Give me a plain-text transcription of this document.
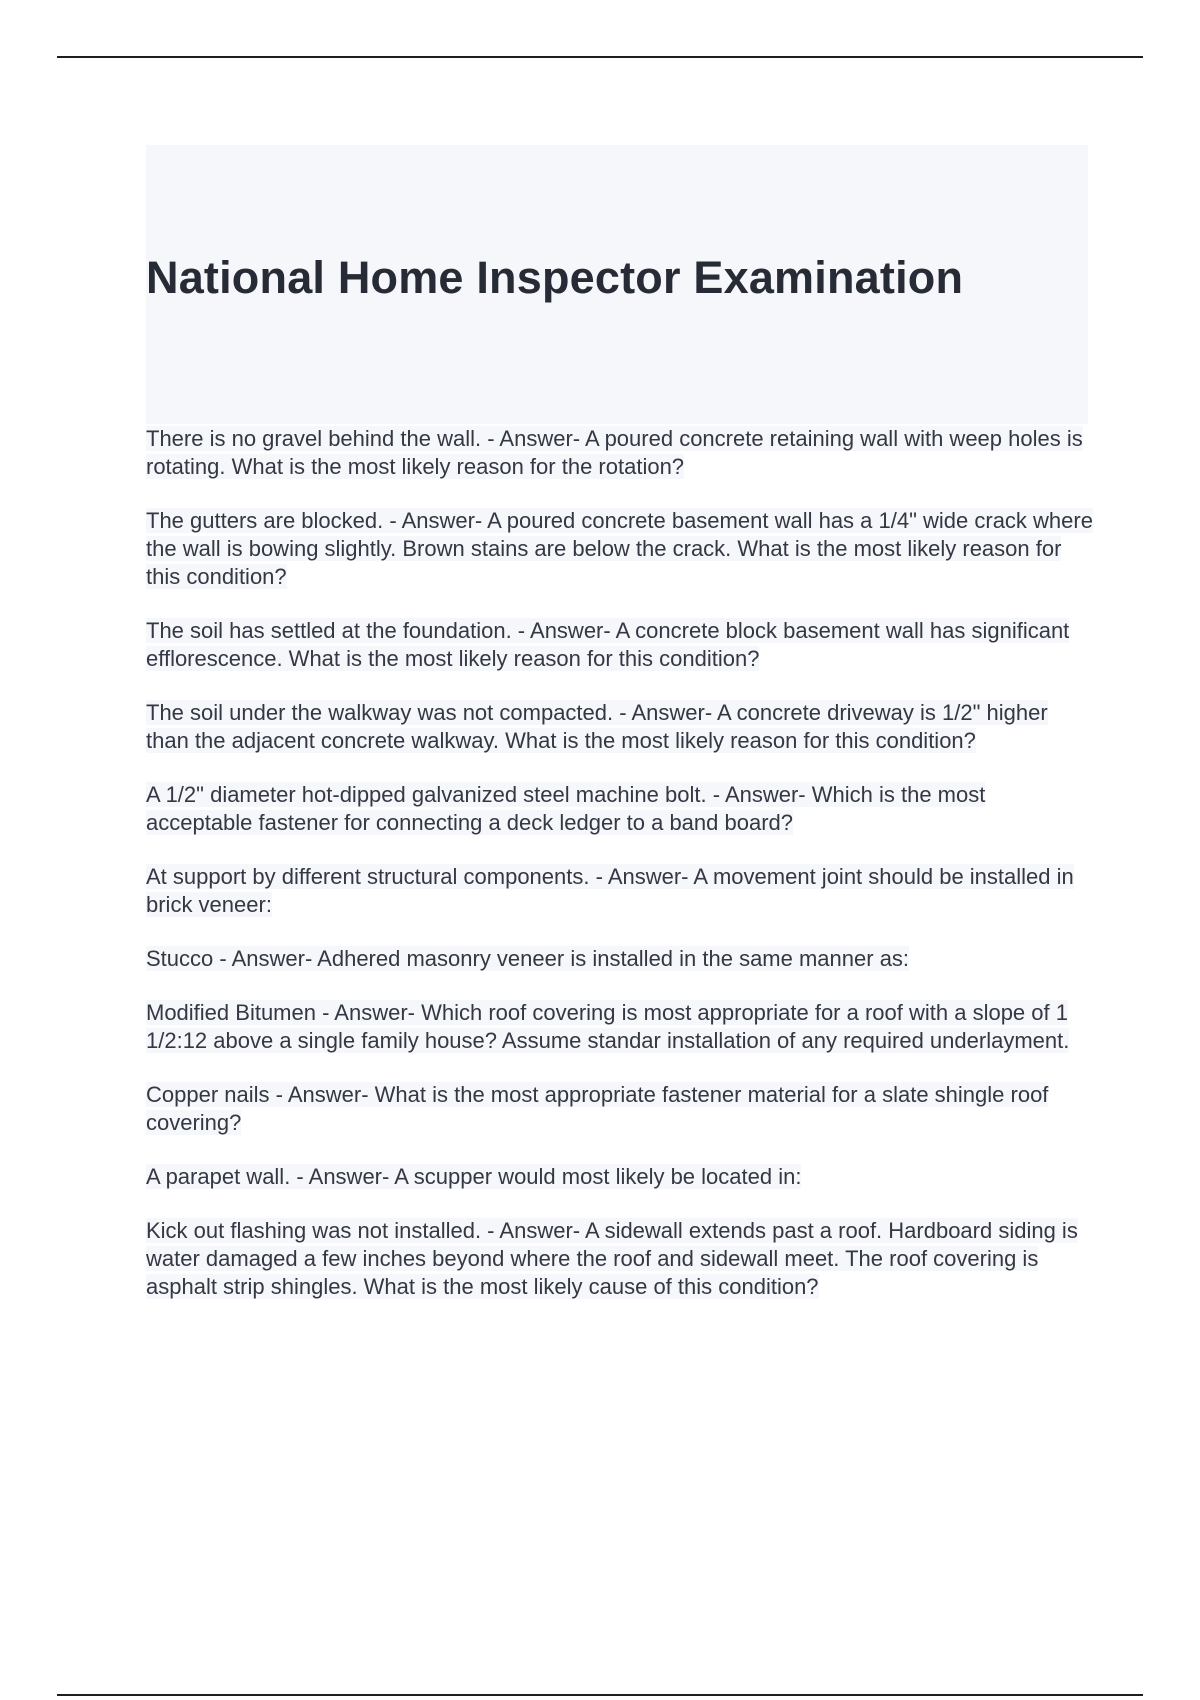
National Home Inspector Examination

There is no gravel behind the wall. - Answer- A poured concrete retaining wall with weep holes is rotating. What is the most likely reason for the rotation?

The gutters are blocked. - Answer- A poured concrete basement wall has a 1/4" wide crack where the wall is bowing slightly. Brown stains are below the crack. What is the most likely reason for this condition?

The soil has settled at the foundation. - Answer- A concrete block basement wall has significant efflorescence. What is the most likely reason for this condition?

The soil under the walkway was not compacted. - Answer- A concrete driveway is 1/2" higher than the adjacent concrete walkway. What is the most likely reason for this condition?

A 1/2" diameter hot-dipped galvanized steel machine bolt. - Answer- Which is the most acceptable fastener for connecting a deck ledger to a band board?

At support by different structural components. - Answer- A movement joint should be installed in brick veneer:

Stucco - Answer- Adhered masonry veneer is installed in the same manner as:

Modified Bitumen - Answer- Which roof covering is most appropriate for a roof with a slope of 1 1/2:12 above a single family house? Assume standar installation of any required underlayment.

Copper nails - Answer- What is the most appropriate fastener material for a slate shingle roof covering?

A parapet wall. - Answer- A scupper would most likely be located in:

Kick out flashing was not installed. - Answer- A sidewall extends past a roof. Hardboard siding is water damaged a few inches beyond where the roof and sidewall meet. The roof covering is asphalt strip shingles. What is the most likely cause of this condition?
